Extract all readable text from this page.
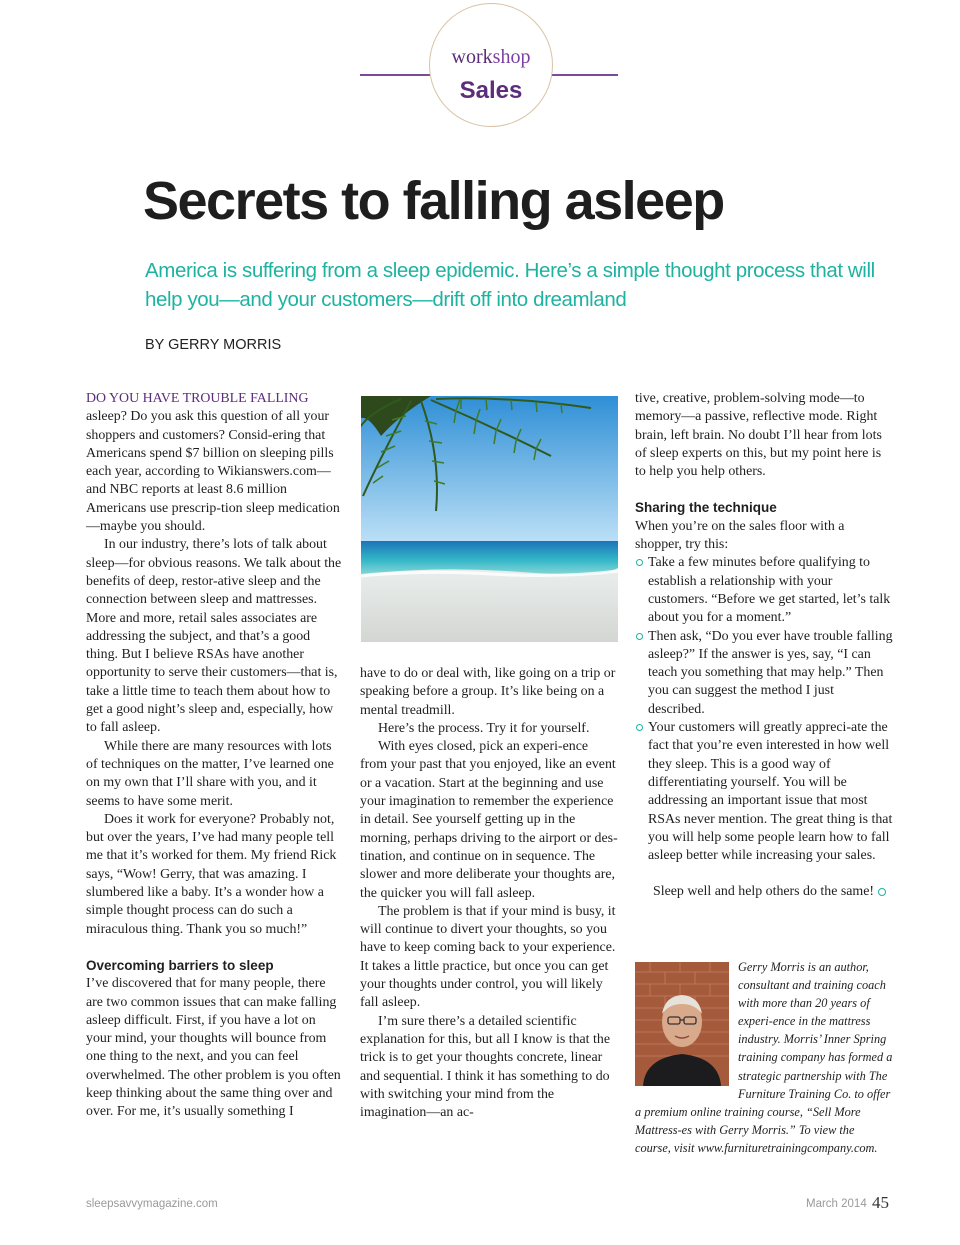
workshop
Sales
Secrets to falling asleep
America is suffering from a sleep epidemic. Here’s a simple thought process that will help you—and your customers—drift off into dreamland
BY GERRY MORRIS

DO YOU HAVE TROUBLE FALLING
asleep? Do you ask this question of all your shoppers and customers? Consid-ering that Americans spend $7 billion on sleeping pills each year, according to Wikianswers.com—and NBC reports at least 8.6 million Americans use prescrip-tion sleep medication—maybe you should.

In our industry, there’s lots of talk about sleep—for obvious reasons. We talk about the benefits of deep, restor-ative sleep and the connection between sleep and mattresses. More and more, retail sales associates are addressing the subject, and that’s a good thing. But I believe RSAs have another opportunity to serve their customers—that is, take a little time to teach them about how to get a good night’s sleep and, especially, how to fall asleep.

While there are many resources with lots of techniques on the matter, I’ve learned one on my own that I’ll share with you, and it seems to have some merit.

Does it work for everyone? Probably not, but over the years, I’ve had many people tell me that it’s worked for them. My friend Rick says, “Wow! Gerry, that was amazing. I slumbered like a baby. It’s a wonder how a simple thought process can do such a miraculous thing. Thank you so much!”

Overcoming barriers to sleep

I’ve discovered that for many people, there are two common issues that can make falling asleep difficult. First, if you have a lot on your mind, your thoughts will bounce from one thing to the next, and you can feel overwhelmed. The other problem is you often keep thinking about the same thing over and over. For me, it’s usually something I

have to do or deal with, like going on a trip or speaking before a group. It’s like being on a mental treadmill.

Here’s the process. Try it for yourself.

With eyes closed, pick an experi-ence from your past that you enjoyed, like an event or a vacation. Start at the beginning and use your imagination to remember the experience in detail. See yourself getting up in the morning, perhaps driving to the airport or des-tination, and continue on in sequence. The slower and more deliberate your thoughts are, the quicker you will fall asleep.

The problem is that if your mind is busy, it will continue to divert your thoughts, so you have to keep coming back to your experience. It takes a little practice, but once you can get your thoughts under control, you will likely fall asleep.

I’m sure there’s a detailed scientific explanation for this, but all I know is that the trick is to get your thoughts concrete, linear and sequential. I think it has something to do with switching your mind from the imagination—an ac-

tive, creative, problem-solving mode—to memory—a passive, reflective mode. Right brain, left brain. No doubt I’ll hear from lots of sleep experts on this, but my point here is to help you help others.

Sharing the technique

When you’re on the sales floor with a shopper, try this:

Take a few minutes before qualifying to establish a relationship with your customers. “Before we get started, let’s talk about you for a moment.”

Then ask, “Do you ever have trouble falling asleep?” If the answer is yes, say, “I can teach you something that may help.” Then you can suggest the method I just described.

Your customers will greatly appreci-ate the fact that you’re even interested in how well they sleep. This is a good way of differentiating yourself. You will be addressing an important issue that most RSAs never mention. The great thing is that you will help some people learn how to fall asleep better while increasing your sales.

Sleep well and help others do the same!

Gerry Morris is an author, consultant and training coach with more than 20 years of experi-ence in the mattress industry. Morris’ Inner Spring training company has formed a strategic partnership with The Furniture Training Co. to offer a premium online training course, “Sell More Mattress-es with Gerry Morris.” To view the course, visit www.furnituretrainingcompany.com.
sleepsavvymagazine.com	March 2014 45
